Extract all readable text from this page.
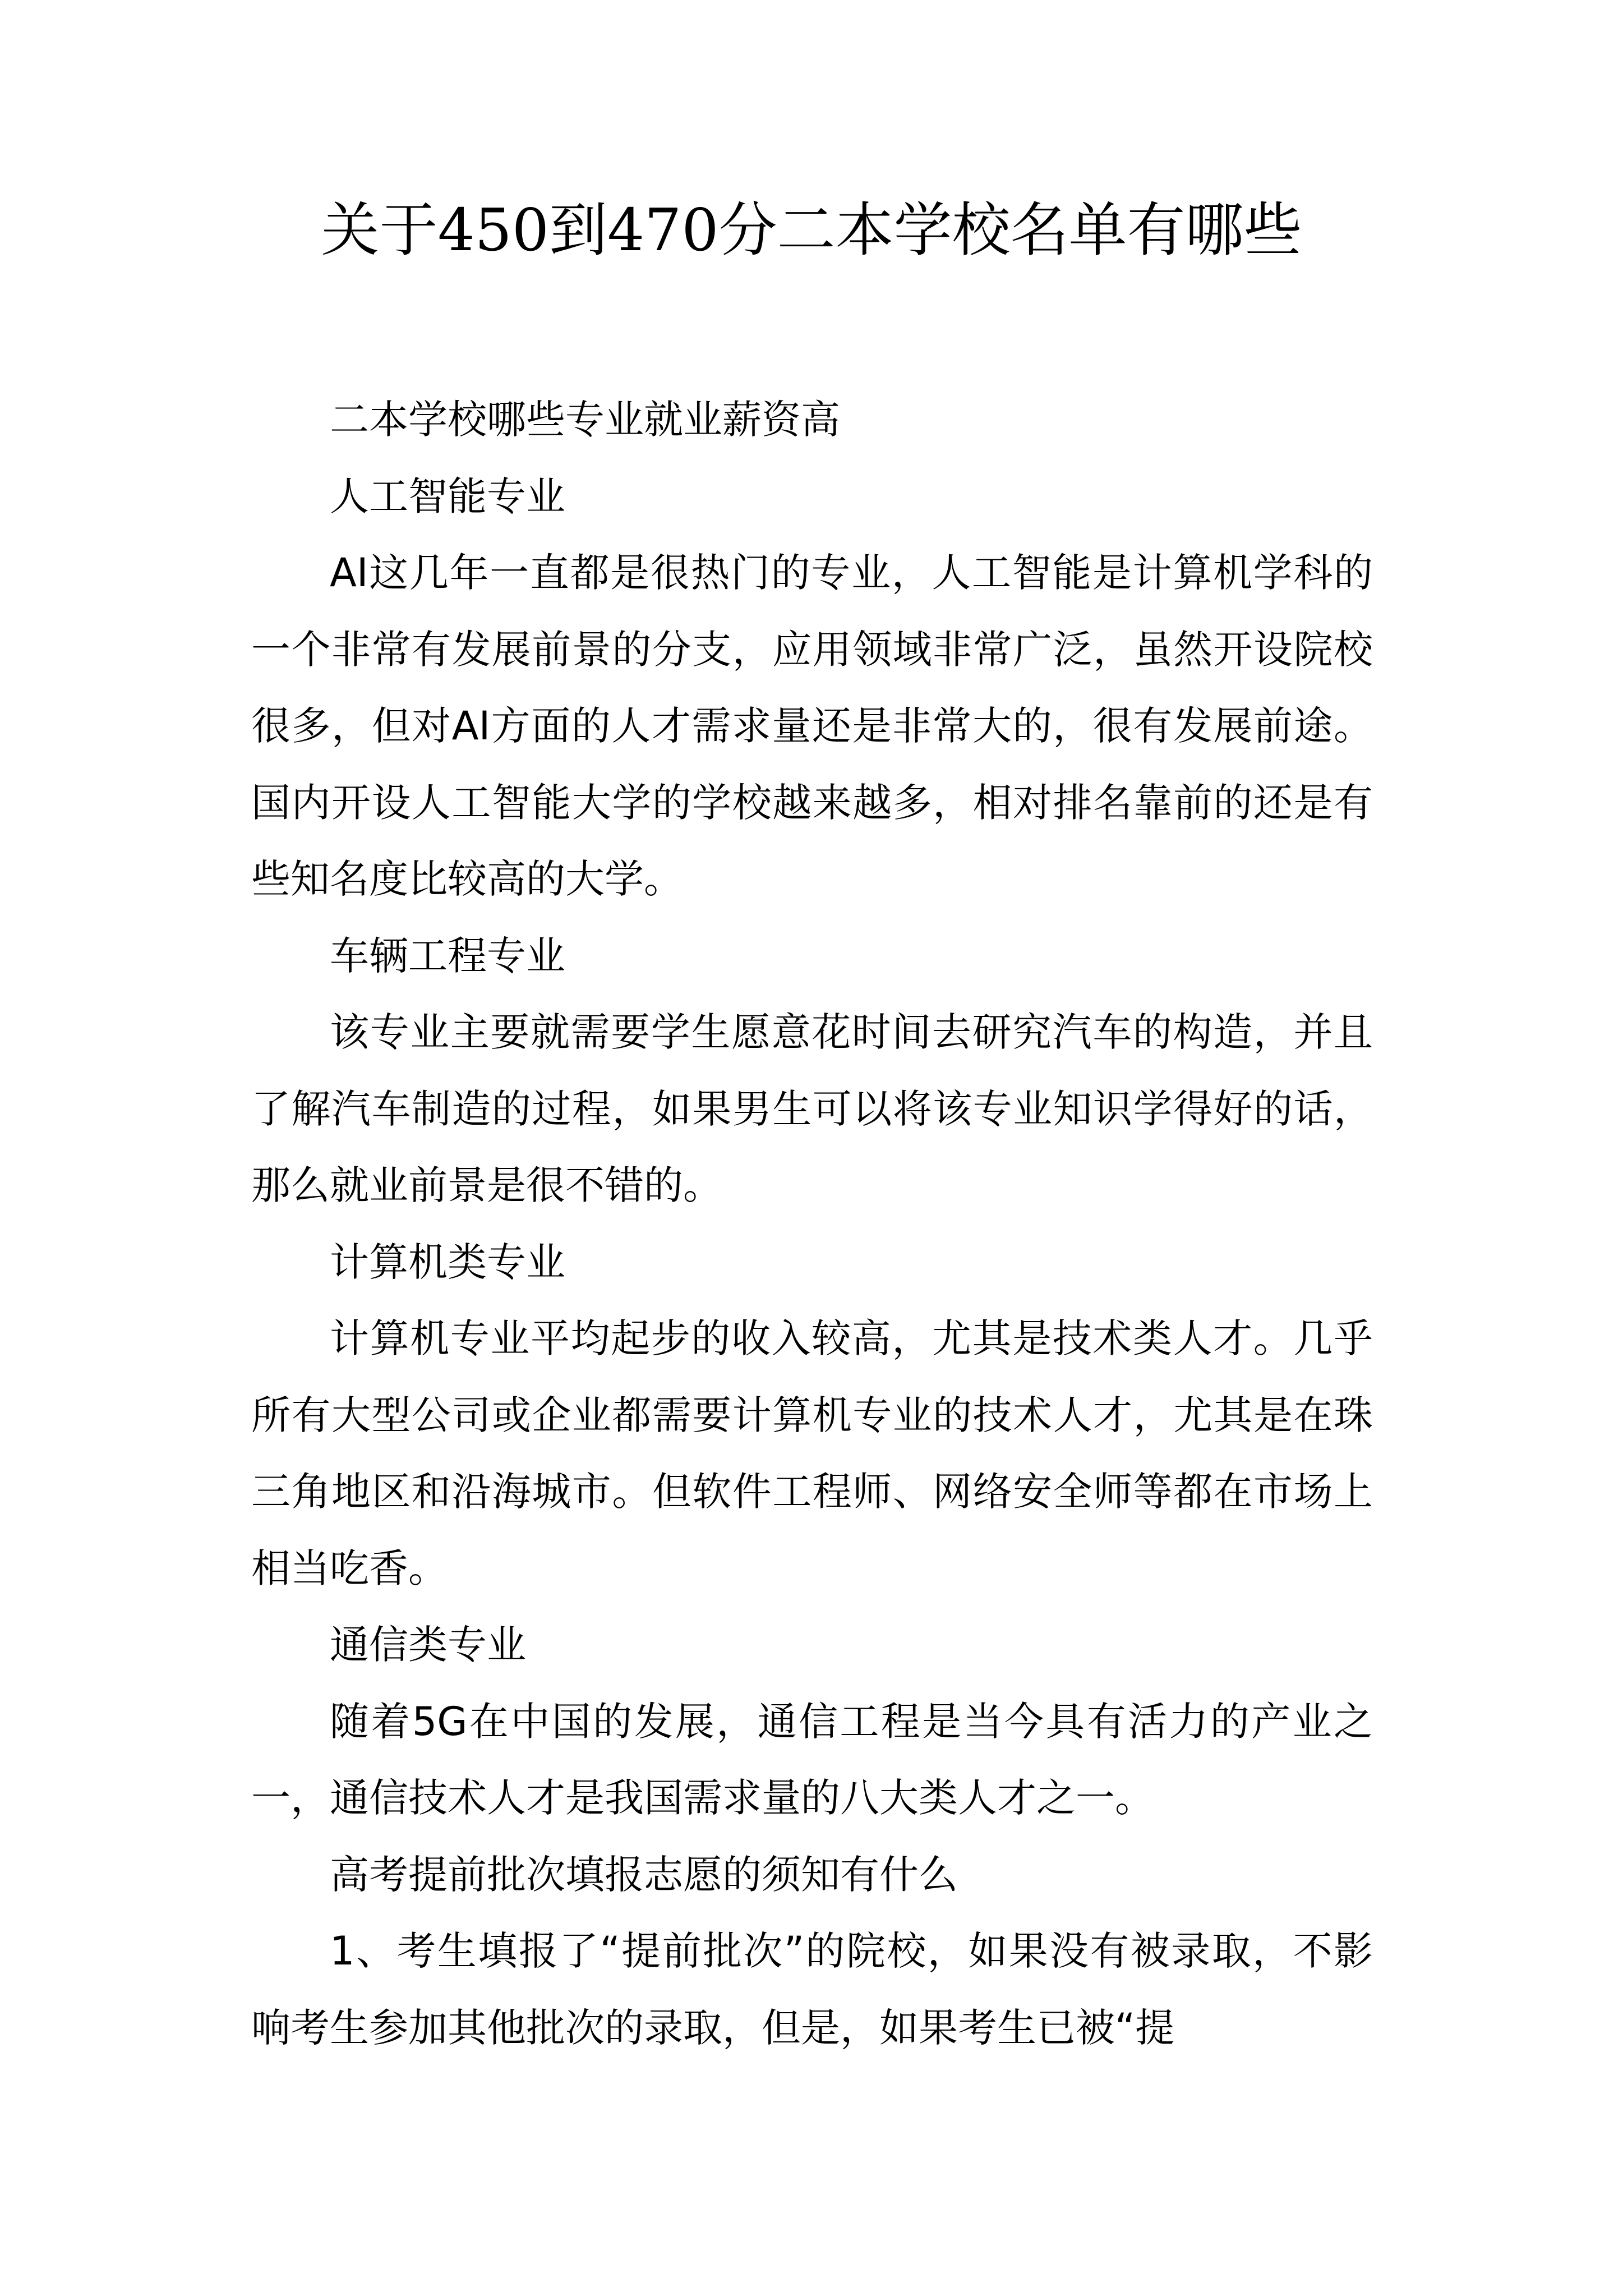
关于450到470分二本学校名单有哪些

二本学校哪些专业就业薪资高

人工智能专业

AI这几年一直都是很热门的专业，人工智能是计算机学科的一个非常有发展前景的分支，应用领域非常广泛，虽然开设院校很多，但对AI方面的人才需求量还是非常大的，很有发展前途。国内开设人工智能大学的学校越来越多，相对排名靠前的还是有些知名度比较高的大学。

车辆工程专业

该专业主要就需要学生愿意花时间去研究汽车的构造，并且了解汽车制造的过程，如果男生可以将该专业知识学得好的话，那么就业前景是很不错的。

计算机类专业

计算机专业平均起步的收入较高，尤其是技术类人才。几乎所有大型公司或企业都需要计算机专业的技术人才，尤其是在珠三角地区和沿海城市。但软件工程师、网络安全师等都在市场上相当吃香。

通信类专业

随着5G在中国的发展，通信工程是当今具有活力的产业之一，通信技术人才是我国需求量的八大类人才之一。

高考提前批次填报志愿的须知有什么

1、考生填报了“提前批次”的院校，如果没有被录取，不影响考生参加其他批次的录取，但是，如果考生已被“提
